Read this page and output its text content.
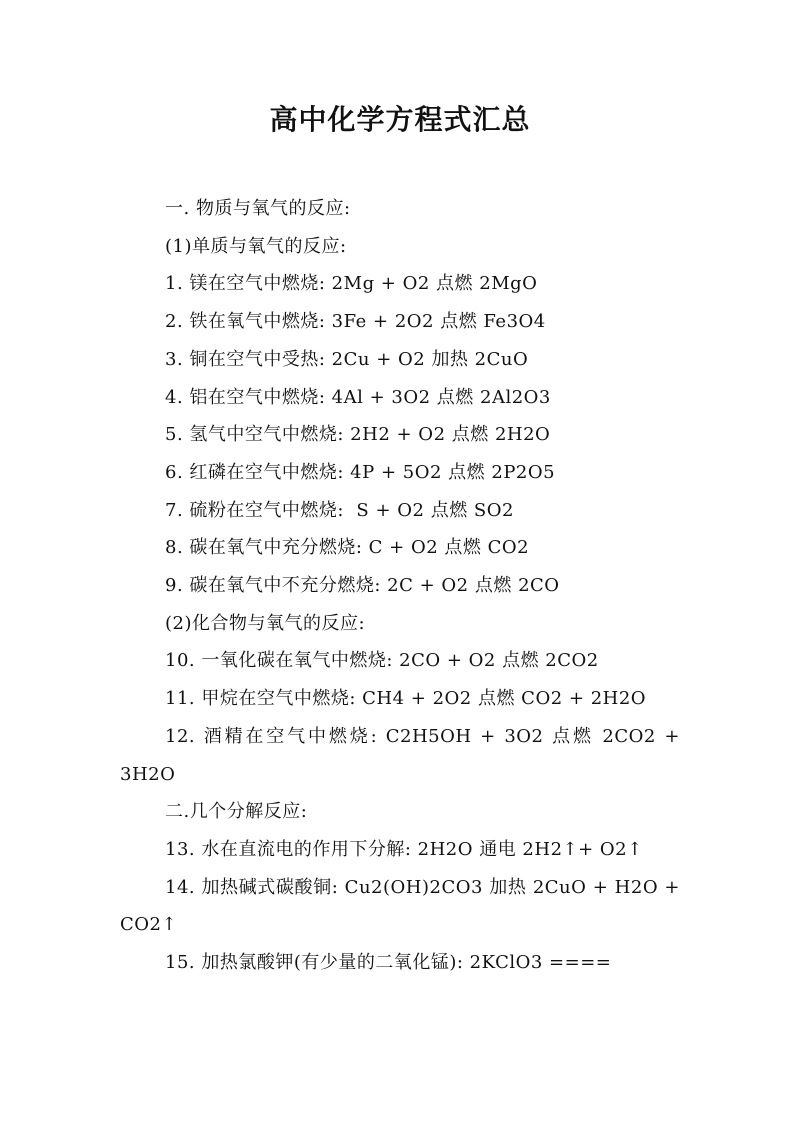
高中化学方程式汇总
一. 物质与氧气的反应:
(1)单质与氧气的反应:
1. 镁在空气中燃烧: 2Mg + O2 点燃 2MgO
2. 铁在氧气中燃烧: 3Fe + 2O2 点燃 Fe3O4
3. 铜在空气中受热: 2Cu + O2 加热 2CuO
4. 铝在空气中燃烧: 4Al + 3O2 点燃 2Al2O3
5. 氢气中空气中燃烧: 2H2 + O2 点燃 2H2O
6. 红磷在空气中燃烧: 4P + 5O2 点燃 2P2O5
7. 硫粉在空气中燃烧:  S + O2 点燃 SO2
8. 碳在氧气中充分燃烧: C + O2 点燃 CO2
9. 碳在氧气中不充分燃烧: 2C + O2 点燃 2CO
(2)化合物与氧气的反应:
10. 一氧化碳在氧气中燃烧: 2CO + O2 点燃 2CO2
11. 甲烷在空气中燃烧: CH4 + 2O2 点燃 CO2 + 2H2O
12. 酒精在空气中燃烧: C2H5OH + 3O2 点燃 2CO2 + 3H2O
二.几个分解反应:
13. 水在直流电的作用下分解: 2H2O 通电 2H2↑+ O2↑
14. 加热碱式碳酸铜: Cu2(OH)2CO3 加热 2CuO + H2O + CO2↑
15. 加热氯酸钾(有少量的二氧化锰): 2KClO3 ====
